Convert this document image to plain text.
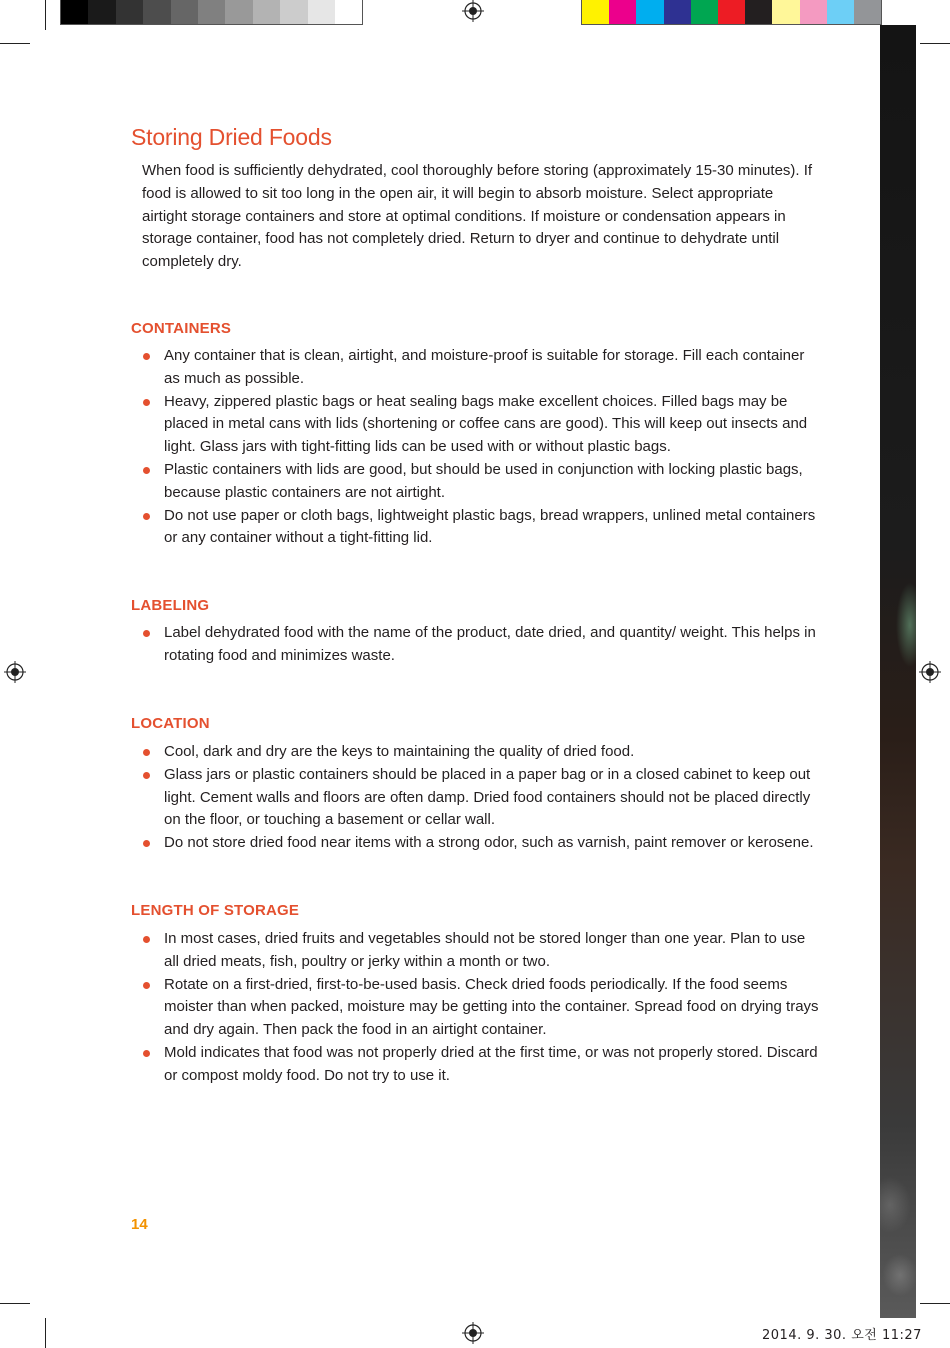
Storing Dried Foods

When food is sufficiently dehydrated, cool thoroughly before storing (approximately 15-30 minutes). If food is allowed to sit too long in the open air, it will begin to absorb moisture. Select appropriate airtight storage containers and store at optimal conditions. If moisture or condensation appears in storage container, food has not completely dried. Return to dryer and continue to dehydrate until completely dry.

CONTAINERS
Any container that is clean, airtight, and moisture-proof is suitable for storage. Fill each container as much as possible.
Heavy, zippered plastic bags or heat sealing bags make excellent choices. Filled bags may be placed in metal cans with lids (shortening or coffee cans are good). This will keep out insects and light. Glass jars with tight-fitting lids can be used with or without plastic bags.
Plastic containers with lids are good, but should be used in conjunction with locking plastic bags, because plastic containers are not airtight.
Do not use paper or cloth bags, lightweight plastic bags, bread wrappers, unlined metal containers or any container without a tight-fitting lid.
LABELING
Label dehydrated food with the name of the product, date dried, and quantity/ weight. This helps in rotating food and minimizes waste.
LOCATION
Cool, dark and dry are the keys to maintaining the quality of dried food.
Glass jars or plastic containers should be placed in a paper bag or in a closed cabinet to keep out light. Cement walls and floors are often damp. Dried food containers should not be placed directly on the floor, or touching a basement or cellar wall.
Do not store dried food near items with a strong odor, such as varnish, paint remover or kerosene.
LENGTH OF STORAGE
In most cases, dried fruits and vegetables should not be stored longer than one year. Plan to use all dried meats, fish, poultry or jerky within a month or two.
Rotate on a first-dried, first-to-be-used basis. Check dried foods periodically. If the food seems moister than when packed, moisture may be getting into the container. Spread food on drying trays and dry again. Then pack the food in an airtight container.
Mold indicates that food was not properly dried at the first time, or was not properly stored. Discard or compost moldy food. Do not try to use it.
14
2014. 9. 30. 오전 11:27
